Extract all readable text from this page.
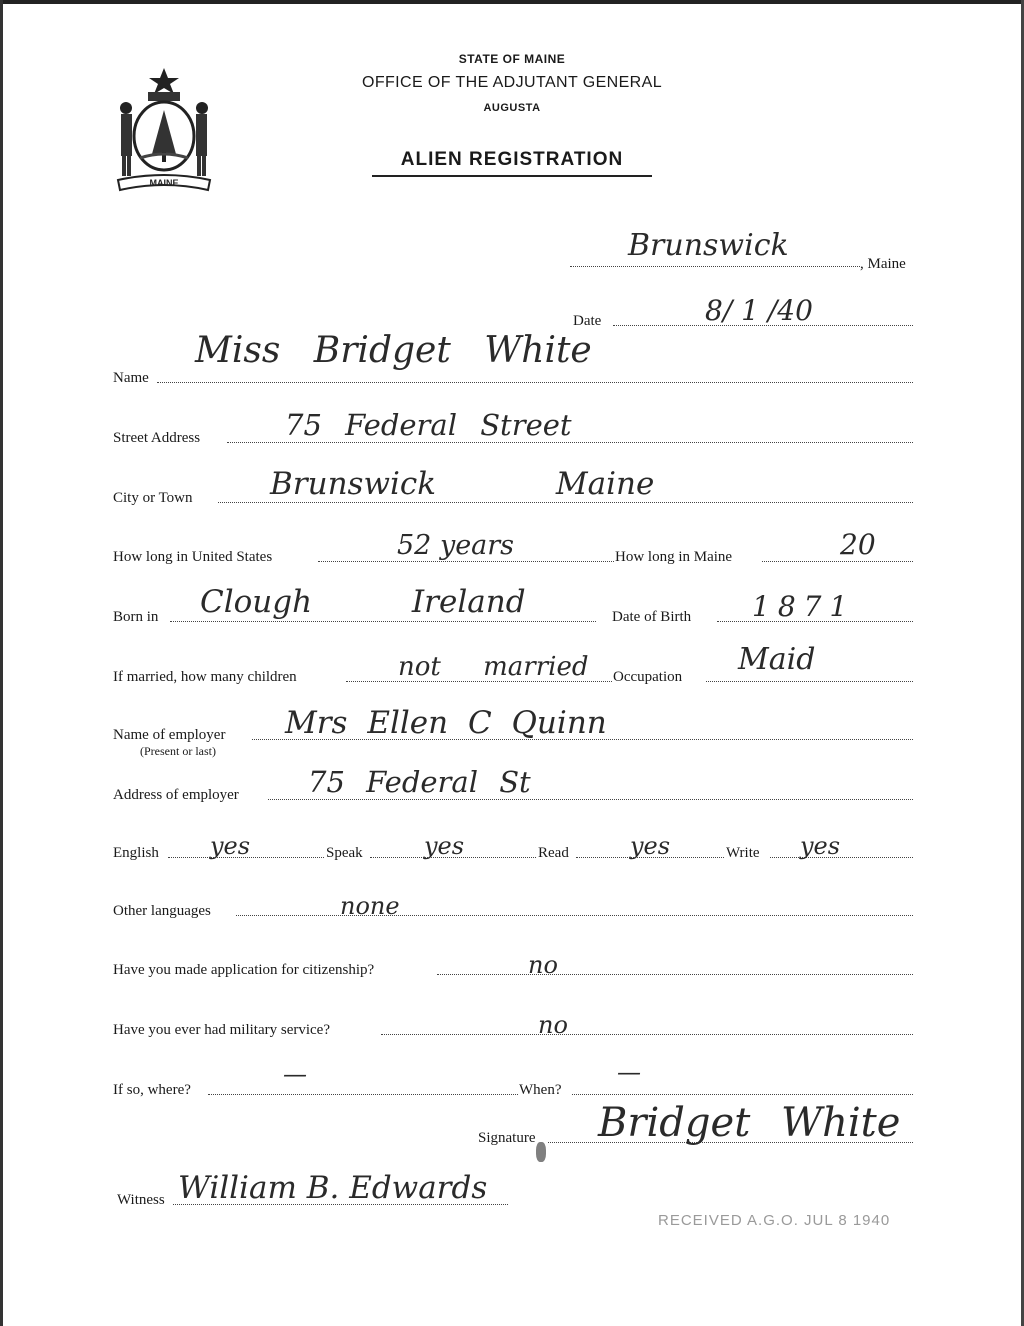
MAINE
STATE OF MAINE
OFFICE OF THE ADJUTANT GENERAL
AUGUSTA
ALIEN REGISTRATION
Brunswick
, Maine
Date	8/ 1 /40
Name
Miss Bridget White
Street Address	75 Federal Street
City or Town Brunswick Maine
How long in United States	52 years	How long in Maine	20
Born in Clough Ireland	Date of Birth 1871
If married, how many children	not married Occupation Maid
Name of employer
(Present or last)
Mrs Ellen C Quinn
Address of employer 75 Federal St
English yes	Speak	yes	Read	yes	Write yes
Other languages	none
Have you made application for citizenship?	no
Have you ever had military service?	no
If so, where?
—
When?
—
Signature Bridget White
Witness William B. Edwards
RECEIVED A.G.O. JUL 8 1940
